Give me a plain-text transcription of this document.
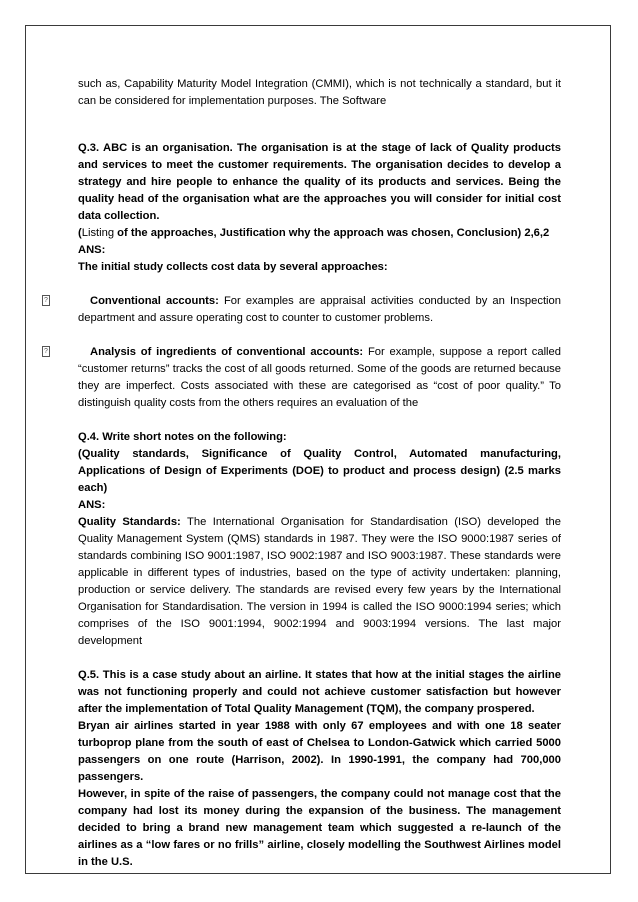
such as, Capability Maturity Model Integration (CMMI), which is not technically a standard, but it can be considered for implementation purposes. The Software

Q.3. ABC is an organisation. The organisation is at the stage of lack of Quality products and services to meet the customer requirements. The organisation decides to develop a strategy and hire people to enhance the quality of its products and services. Being the quality head of the organisation what are the approaches you will consider for initial cost data collection.

(Listing of the approaches, Justification why the approach was chosen, Conclusion) 2,6,2

ANS:

The initial study collects cost data by several approaches:

?	Conventional accounts: For examples are appraisal activities conducted by an Inspection department and assure operating cost to counter to customer problems.

?	Analysis of ingredients of conventional accounts: For example, suppose a report called “customer returns” tracks the cost of all goods returned. Some of the goods are returned because they are imperfect. Costs associated with these are categorised as “cost of poor quality.” To distinguish quality costs from the others requires an evaluation of the

Q.4. Write short notes on the following:

(Quality standards, Significance of Quality Control, Automated manufacturing, Applications of Design of Experiments (DOE) to product and process design) (2.5 marks each)

ANS:

Quality Standards: The International Organisation for Standardisation (ISO) developed the Quality Management System (QMS) standards in 1987. They were the ISO 9000:1987 series of standards combining ISO 9001:1987, ISO 9002:1987 and ISO 9003:1987. These standards were applicable in different types of industries, based on the type of activity undertaken: planning, production or service delivery. The standards are revised every few years by the International Organisation for Standardisation. The version in 1994 is called the ISO 9000:1994 series; which comprises of the ISO 9001:1994, 9002:1994 and 9003:1994 versions. The last major development

Q.5. This is a case study about an airline. It states that how at the initial stages the airline was not functioning properly and could not achieve customer satisfaction but however after the implementation of Total Quality Management (TQM), the company prospered.

Bryan air airlines started in year 1988 with only 67 employees and with one 18 seater turboprop plane from the south of east of Chelsea to London-Gatwick which carried 5000 passengers on one route (Harrison, 2002). In 1990-1991, the company had 700,000 passengers.

However, in spite of the raise of passengers, the company could not manage cost that the company had lost its money during the expansion of the business. The management decided to bring a brand new management team which suggested a re-launch of the airlines as a “low fares or no frills” airline, closely modelling the Southwest Airlines model in the U.S.
